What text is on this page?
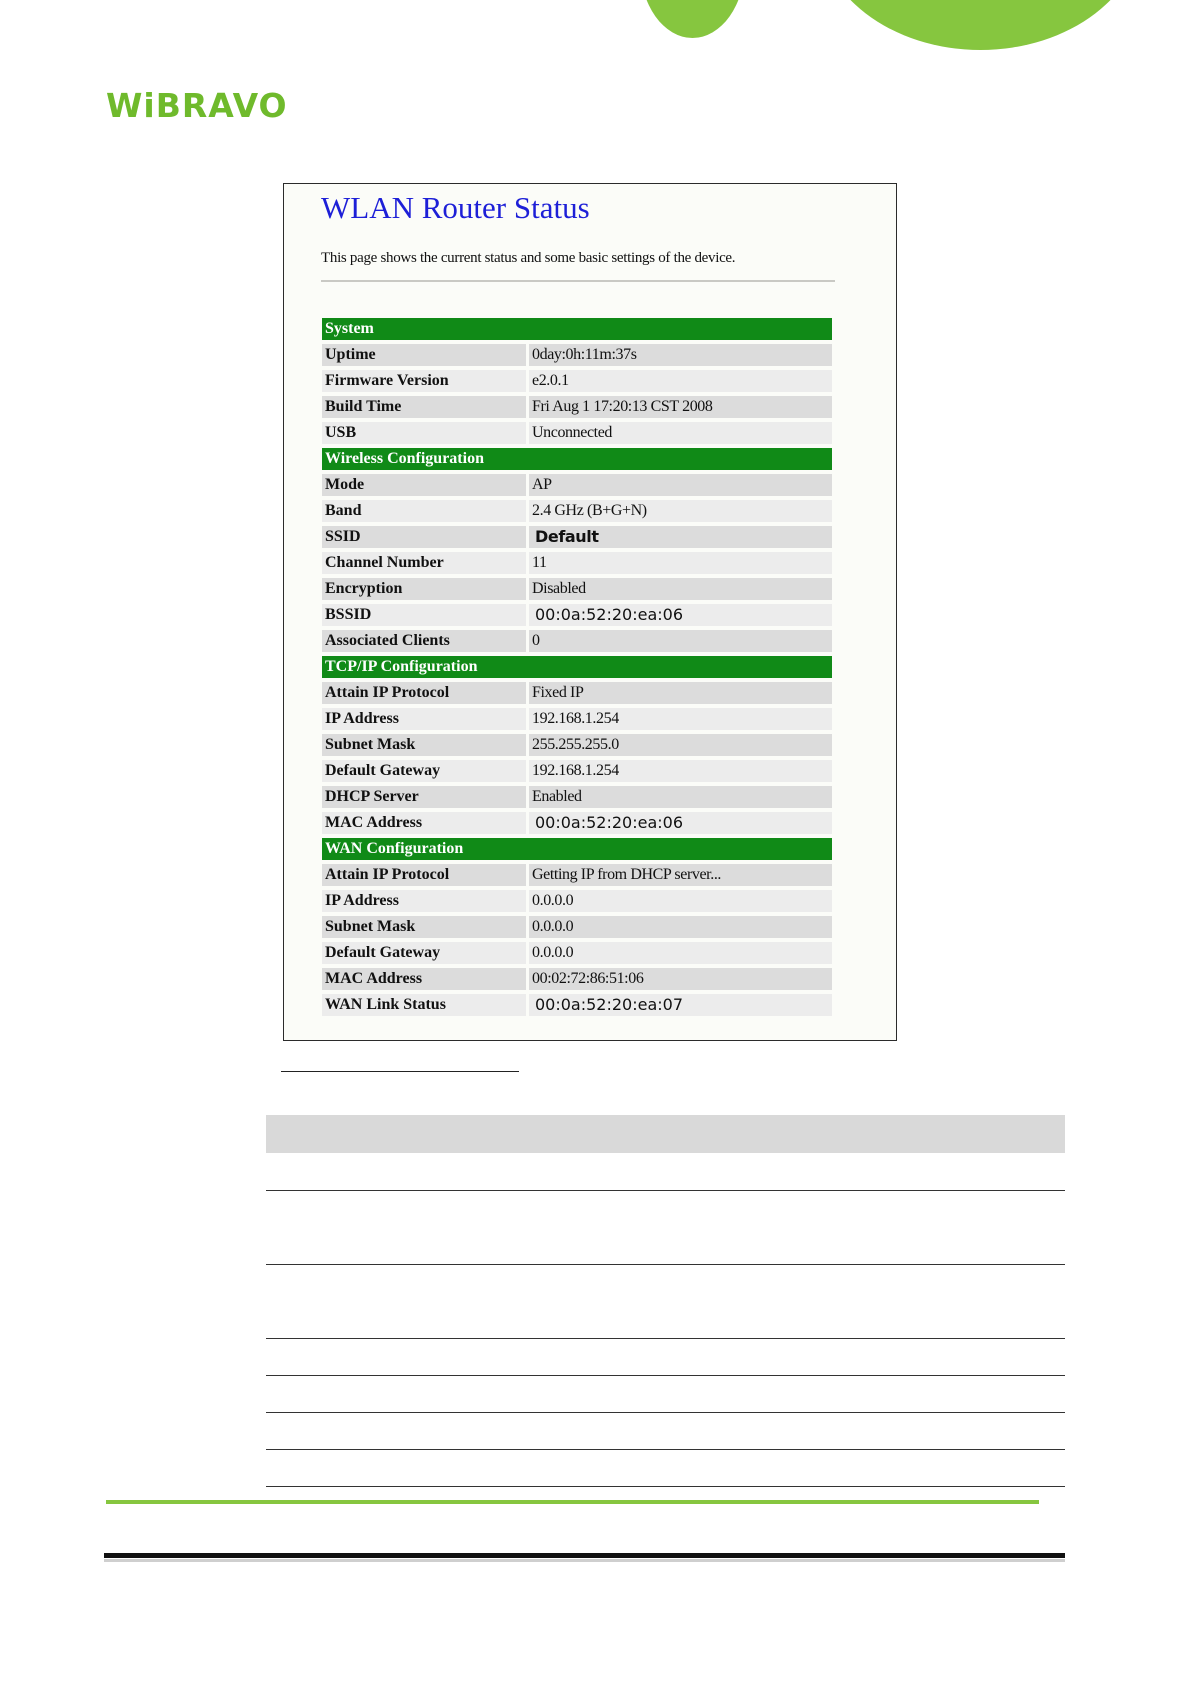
WiBRAVO
WLAN Router Status
This page shows the current status and some basic settings of the device.
System
Uptime	0day:0h:11m:37s
Firmware Version	e2.0.1
Build Time	Fri Aug 1 17:20:13 CST 2008
USB	Unconnected
Wireless Configuration
Mode	AP
Band	2.4 GHz (B+G+N)
SSID	Default
Channel Number	11
Encryption	Disabled
BSSID	00:0a:52:20:ea:06
Associated Clients	0
TCP/IP Configuration
Attain IP Protocol	Fixed IP
IP Address	192.168.1.254
Subnet Mask	255.255.255.0
Default Gateway	192.168.1.254
DHCP Server	Enabled
MAC Address	00:0a:52:20:ea:06
WAN Configuration
Attain IP Protocol	Getting IP from DHCP server...
IP Address	0.0.0.0
Subnet Mask	0.0.0.0
Default Gateway	0.0.0.0
MAC Address	00:02:72:86:51:06
WAN Link Status	00:0a:52:20:ea:07
